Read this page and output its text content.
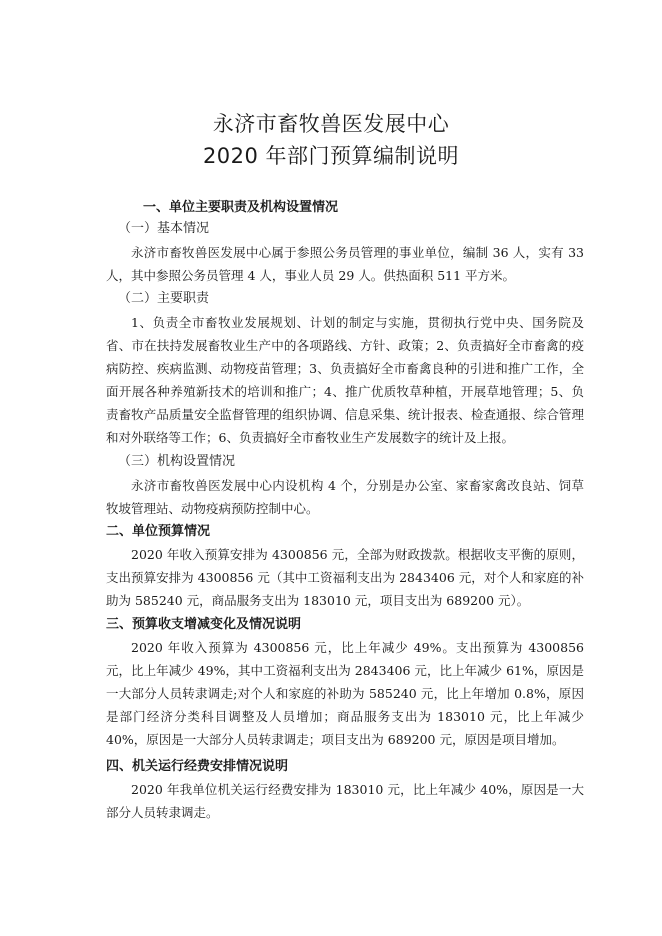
永济市畜牧兽医发展中心
2020 年部门预算编制说明
一、单位主要职责及机构设置情况
（一）基本情况

永济市畜牧兽医发展中心属于参照公务员管理的事业单位，编制 36 人，实有 33 人，其中参照公务员管理 4 人，事业人员 29 人。供热面积 511 平方米。

（二）主要职责

1、负责全市畜牧业发展规划、计划的制定与实施，贯彻执行党中央、国务院及省、市在扶持发展畜牧业生产中的各项路线、方针、政策；2、负责搞好全市畜禽的疫病防控、疾病监测、动物疫苗管理；3、负责搞好全市畜禽良种的引进和推广工作，全面开展各种养殖新技术的培训和推广；4、推广优质牧草种植，开展草地管理；5、负责畜牧产品质量安全监督管理的组织协调、信息采集、统计报表、检查通报、综合管理和对外联络等工作；6、负责搞好全市畜牧业生产发展数字的统计及上报。

（三）机构设置情况

永济市畜牧兽医发展中心内设机构 4 个，分别是办公室、家畜家禽改良站、饲草牧坡管理站、动物疫病预防控制中心。

二、单位预算情况

2020 年收入预算安排为 4300856 元，全部为财政拨款。根据收支平衡的原则，支出预算安排为 4300856 元（其中工资福利支出为 2843406 元，对个人和家庭的补助为 585240 元，商品服务支出为 183010 元，项目支出为 689200 元）。

三、预算收支增减变化及情况说明

2020 年收入预算为 4300856 元，比上年减少 49%。支出预算为 4300856 元，比上年减少 49%，其中工资福利支出为 2843406 元，比上年减少 61%，原因是一大部分人员转隶调走;对个人和家庭的补助为 585240 元，比上年增加 0.8%，原因是部门经济分类科目调整及人员增加；商品服务支出为 183010 元，比上年减少 40%，原因是一大部分人员转隶调走；项目支出为 689200 元，原因是项目增加。

四、机关运行经费安排情况说明

2020 年我单位机关运行经费安排为 183010 元，比上年减少 40%，原因是一大部分人员转隶调走。
